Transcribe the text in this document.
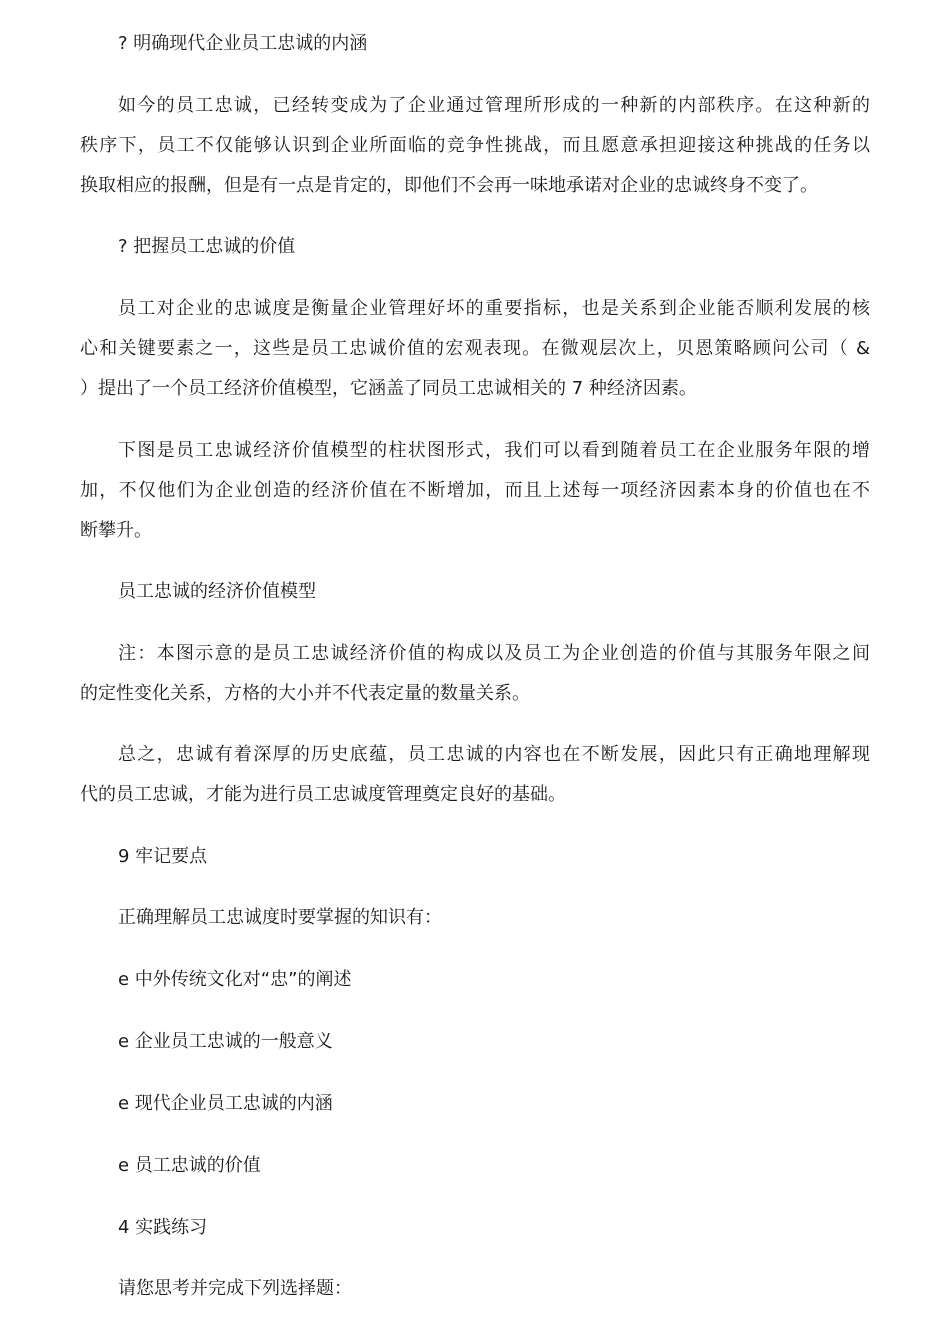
? 明确现代企业员工忠诚的内涵
如今的员工忠诚，已经转变成为了企业通过管理所形成的一种新的内部秩序。在这种新的
秩序下，员工不仅能够认识到企业所面临的竞争性挑战，而且愿意承担迎接这种挑战的任务以
换取相应的报酬，但是有一点是肯定的，即他们不会再一味地承诺对企业的忠诚终身不变了。
? 把握员工忠诚的价值
员工对企业的忠诚度是衡量企业管理好坏的重要指标，也是关系到企业能否顺利发展的核
心和关键要素之一，这些是员工忠诚价值的宏观表现。在微观层次上，贝恩策略顾问公司（ &
）提出了一个员工经济价值模型，它涵盖了同员工忠诚相关的 7 种经济因素。
下图是员工忠诚经济价值模型的柱状图形式，我们可以看到随着员工在企业服务年限的增
加，不仅他们为企业创造的经济价值在不断增加，而且上述每一项经济因素本身的价值也在不
断攀升。
员工忠诚的经济价值模型
注：本图示意的是员工忠诚经济价值的构成以及员工为企业创造的价值与其服务年限之间
的定性变化关系，方格的大小并不代表定量的数量关系。
总之，忠诚有着深厚的历史底蕴，员工忠诚的内容也在不断发展，因此只有正确地理解现
代的员工忠诚，才能为进行员工忠诚度管理奠定良好的基础。
9 牢记要点
正确理解员工忠诚度时要掌握的知识有：
e 中外传统文化对“忠”的阐述
e 企业员工忠诚的一般意义
e 现代企业员工忠诚的内涵
e 员工忠诚的价值
4 实践练习
请您思考并完成下列选择题：
